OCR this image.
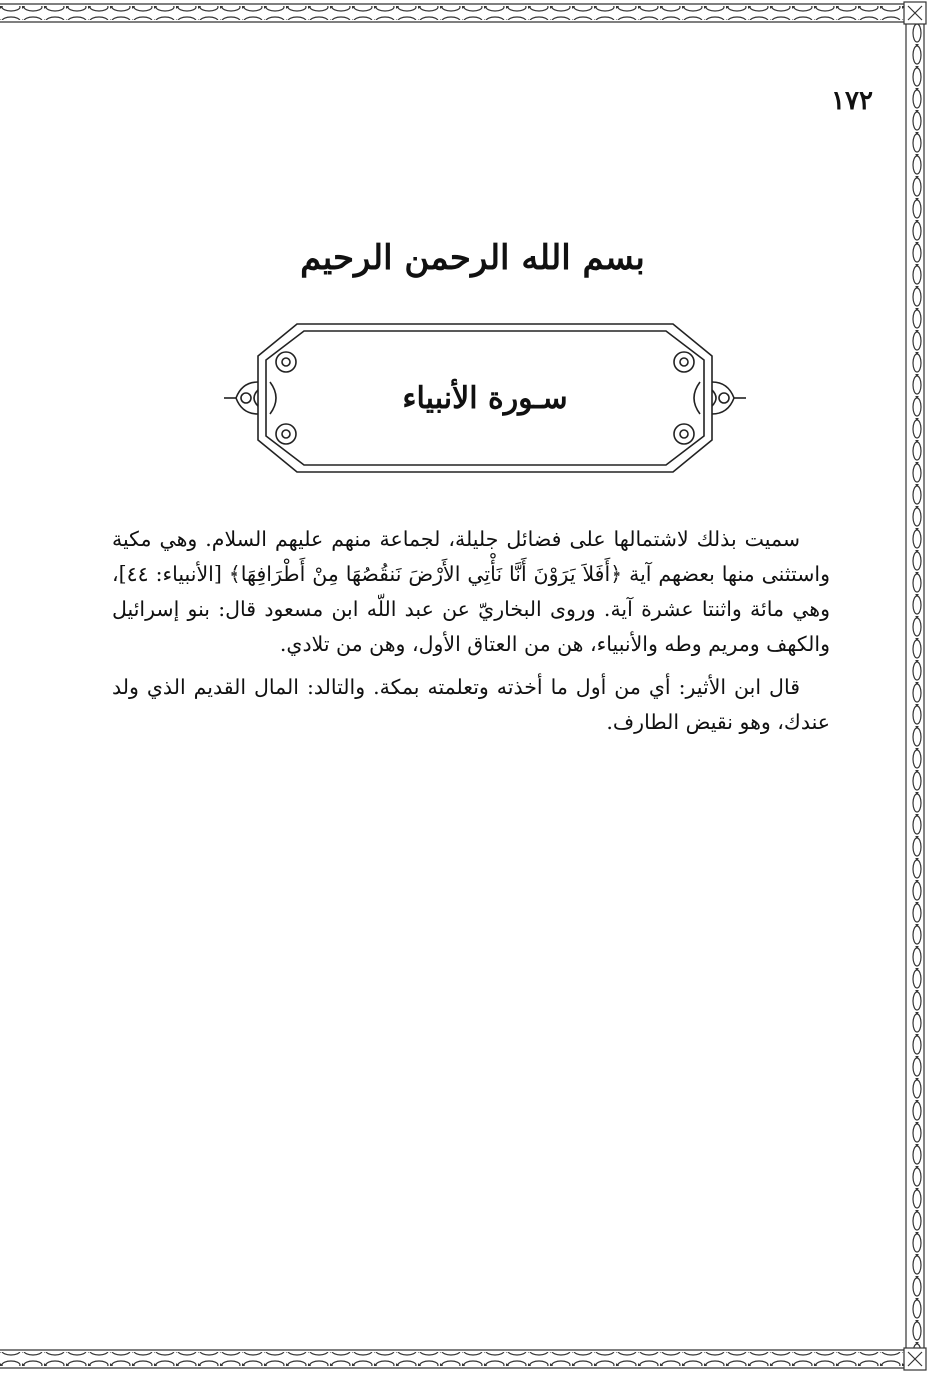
١٧٢
بسم الله الرحمن الرحيم
سـورة الأنبياء

سميت بذلك لاشتمالها على فضائل جليلة، لجماعة منهم عليهم السلام. وهي مكية واستثنى منها بعضهم آية ﴿أَفَلاَ يَرَوْنَ أَنَّا نَأْتِي الأَرْضَ نَنقُصُهَا مِنْ أَطْرَافِهَا﴾ [الأنبياء: ٤٤]، وهي مائة واثنتا عشرة آية. وروى البخاريّ عن عبد اللّه ابن مسعود قال: بنو إسرائيل والكهف ومريم وطه والأنبياء، هن من العتاق الأول، وهن من تلادي.

قال ابن الأثير: أي من أول ما أخذته وتعلمته بمكة. والتالد: المال القديم الذي ولد عندك، وهو نقيض الطارف.
